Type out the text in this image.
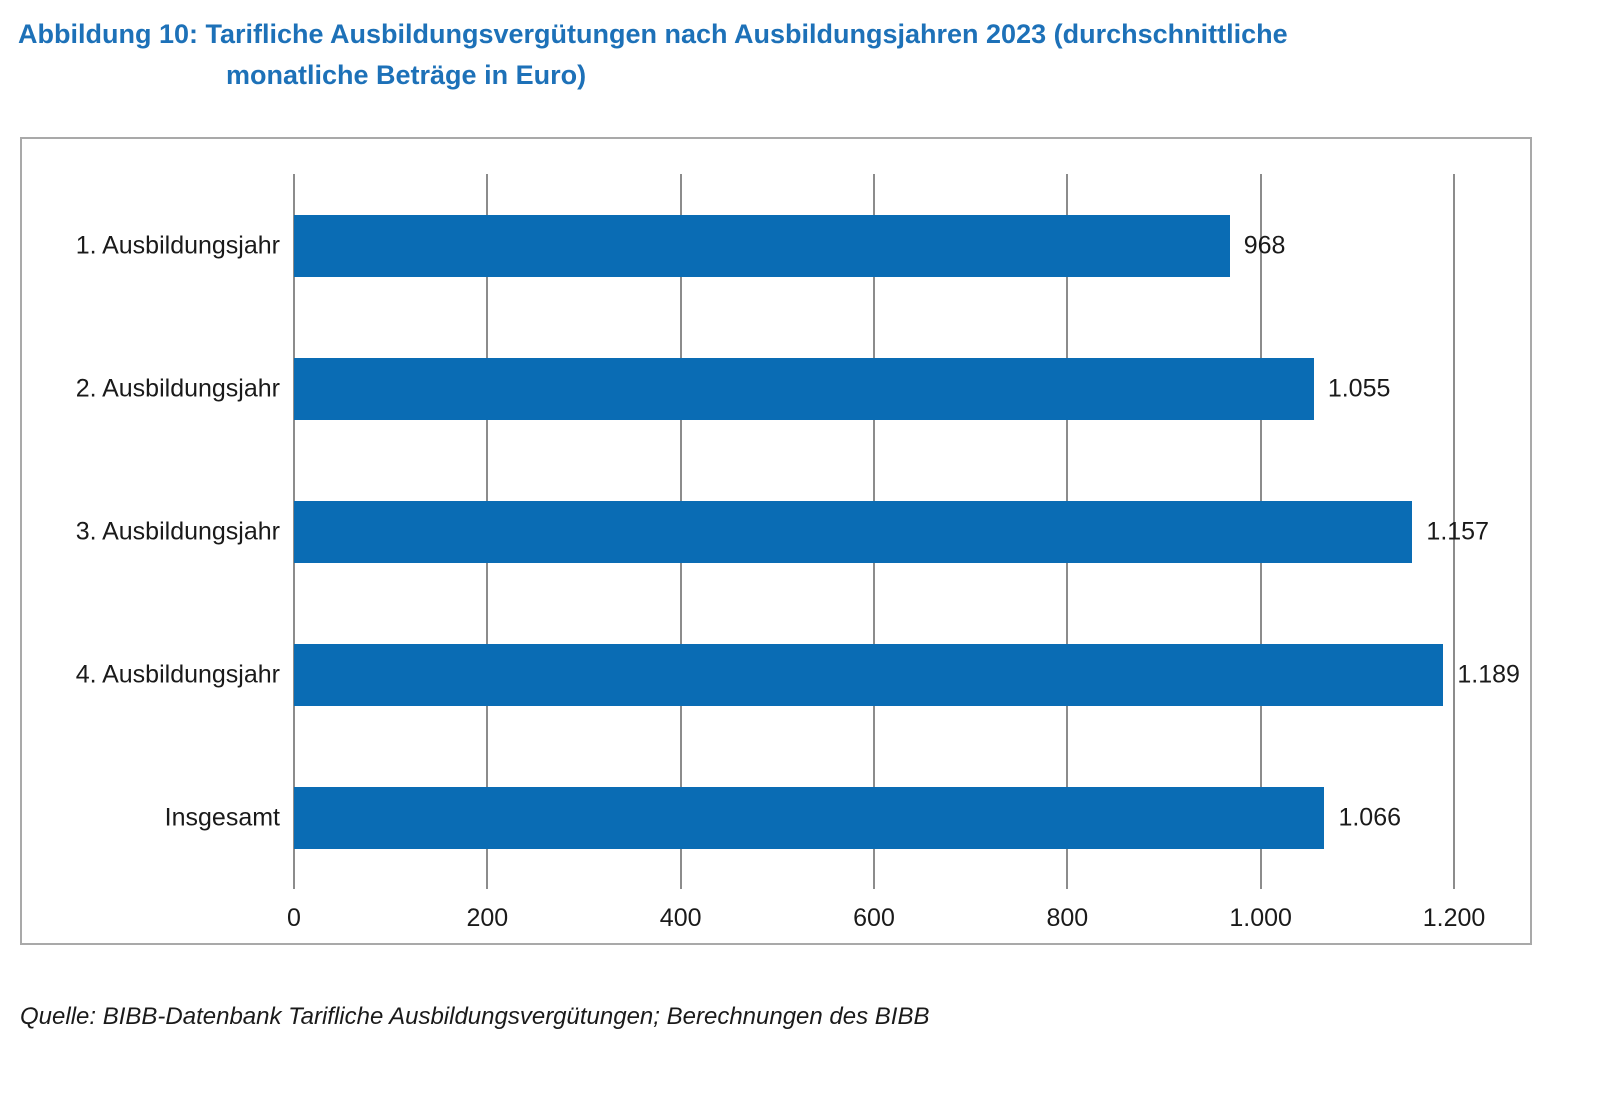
Abbildung 10: Tarifliche Ausbildungsvergütungen nach Ausbildungsjahren 2023 (durchschnittliche
monatliche Beträge in Euro)
0	200	400	600	800	1.000	1.200
1. Ausbildungsjahr	968
2. Ausbildungsjahr	1.055
3. Ausbildungsjahr	1.157
4. Ausbildungsjahr	1.189
Insgesamt	1.066
Quelle: BIBB-Datenbank Tarifliche Ausbildungsvergütungen; Berechnungen des BIBB
